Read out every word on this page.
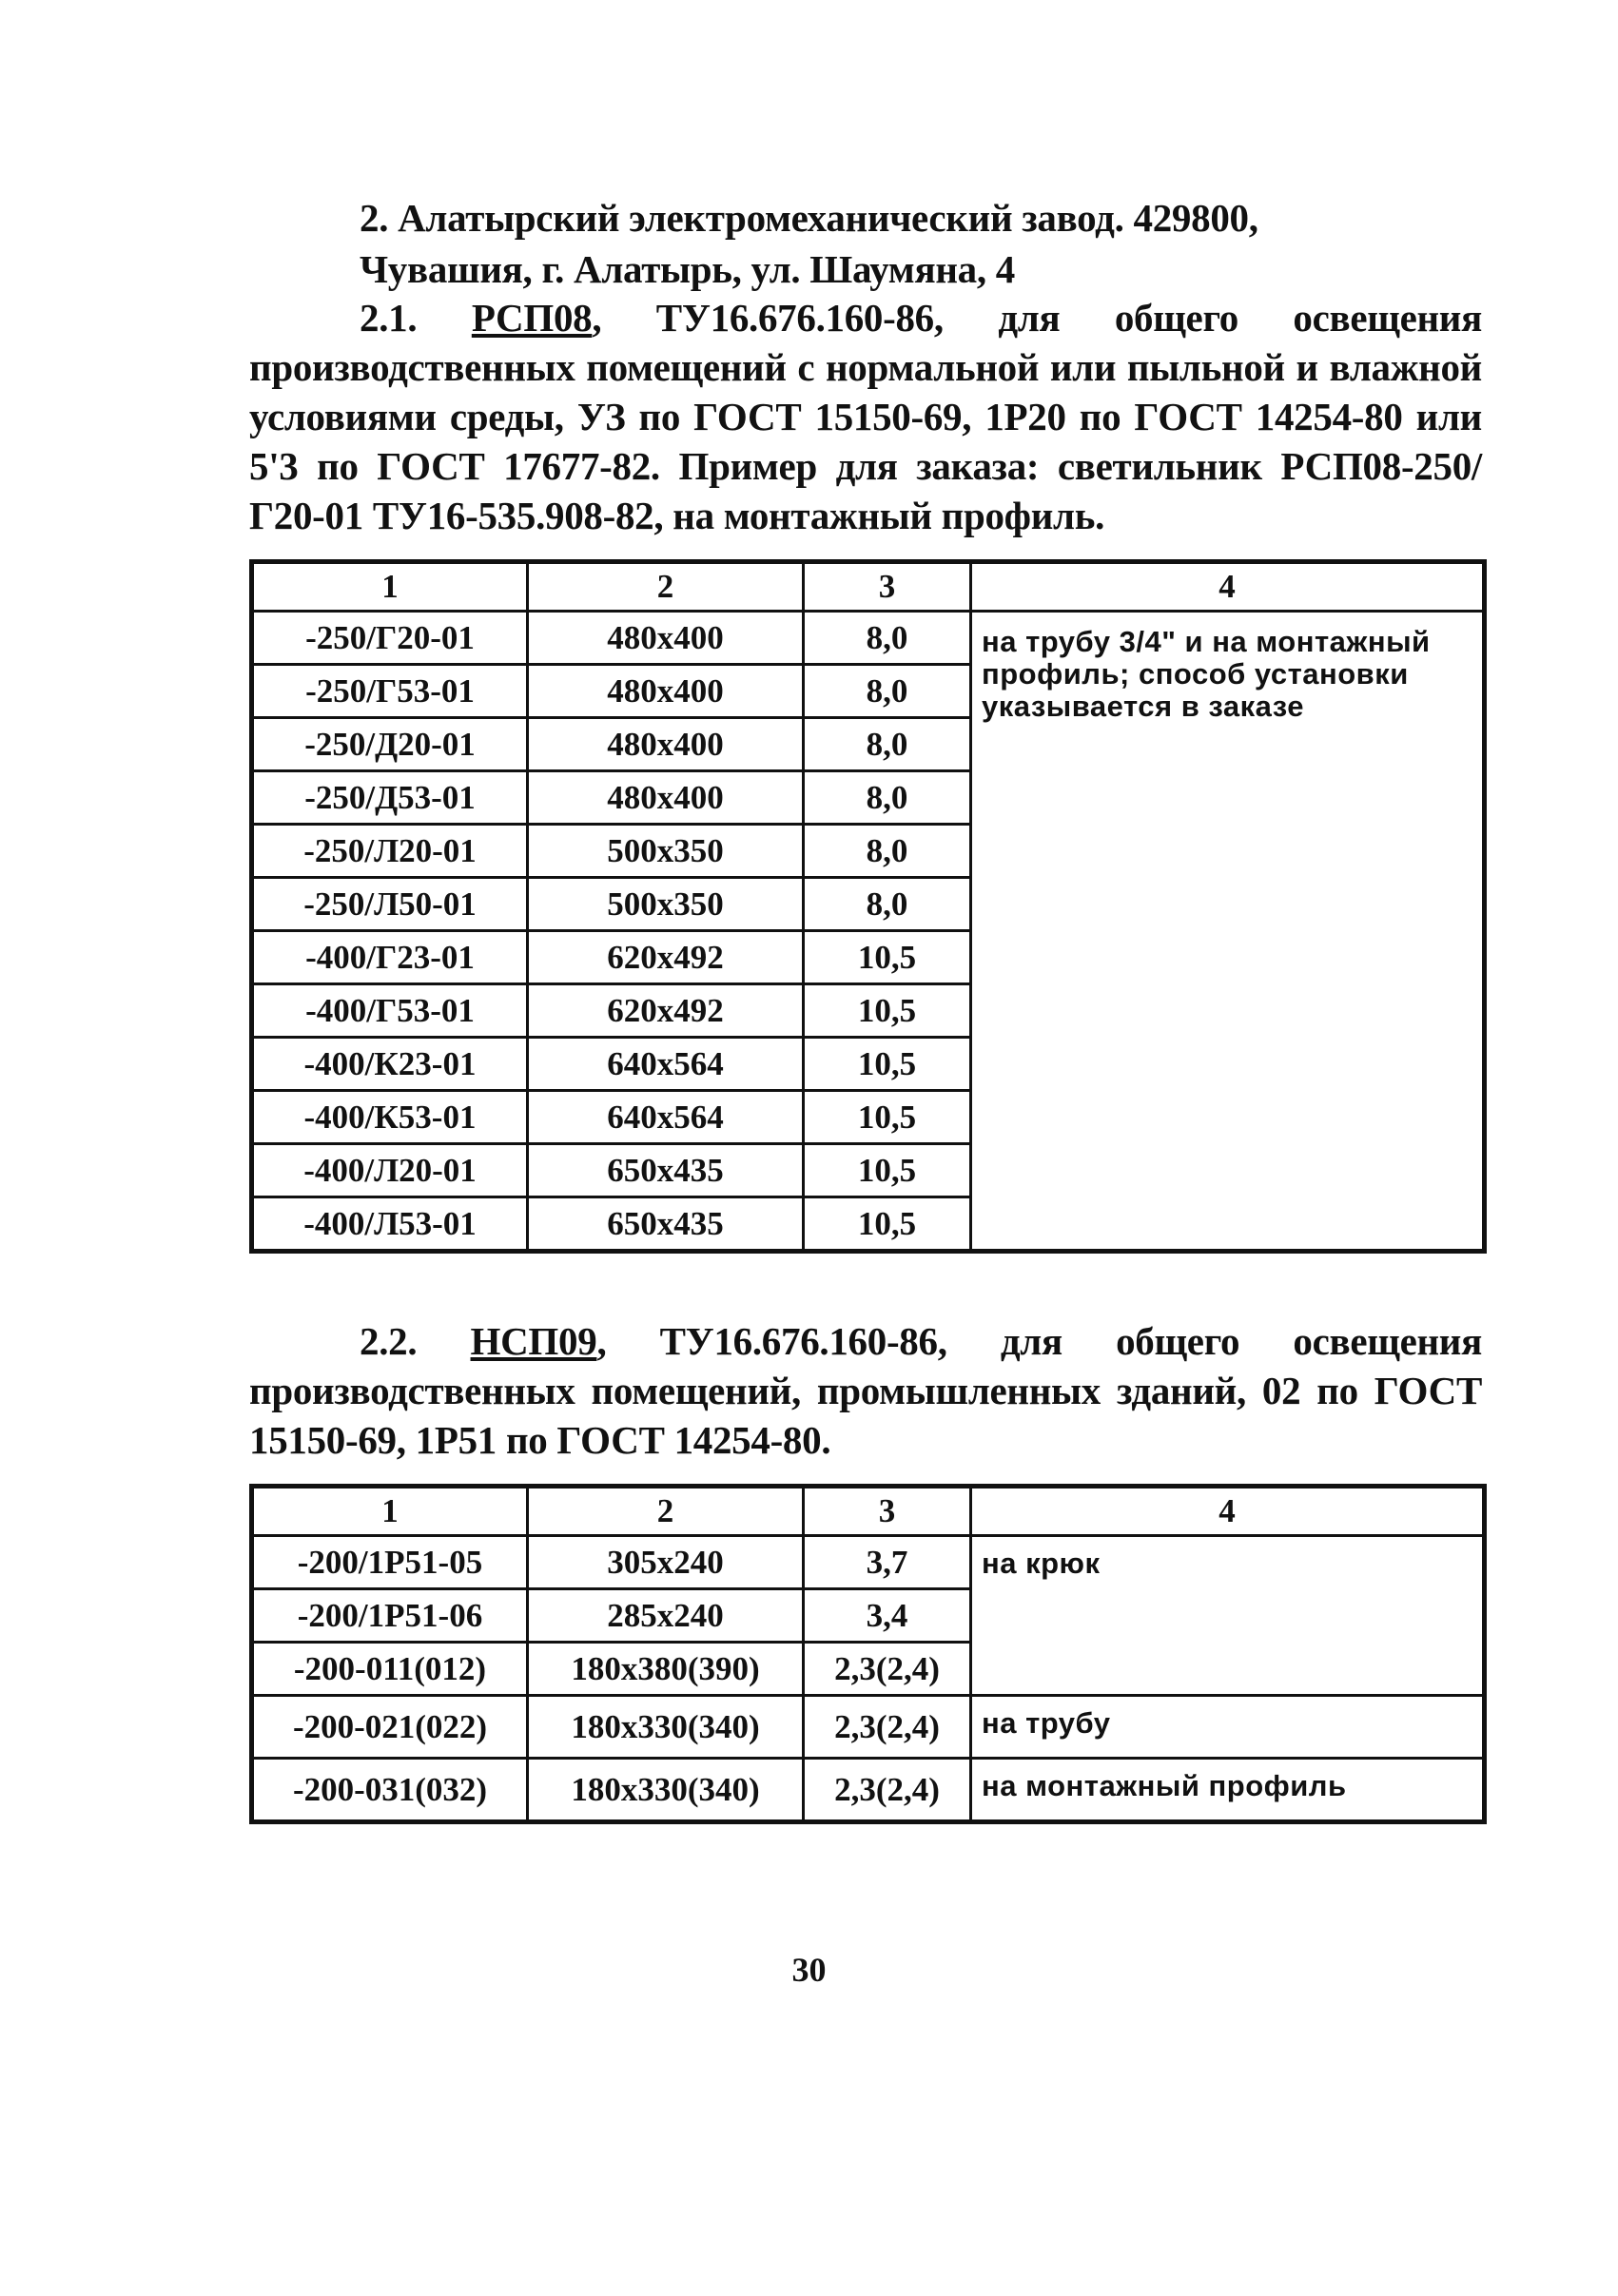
2. Алатырский электромеханический завод. 429800,
Чувашия, г. Алатырь, ул. Шаумяна, 4
2.1. РСП08, ТУ16.676.160-86, для общего освещения производственных помещений с нормальной или пыльной и влажной условиями среды, УЗ по ГОСТ 15150-69, 1Р20 по ГОСТ 14254-80 или 5'3 по ГОСТ 17677-82. Пример для заказа: светильник РСП08-250/Г20-01 ТУ16-535.908-82, на монтажный профиль.
1	2	3	4
-250/Г20-01	480x400	8,0	на трубу 3/4" и на монтажный профиль; способ установки указывается в заказе
-250/Г53-01	480x400	8,0	
-250/Д20-01	480x400	8,0	
-250/Д53-01	480x400	8,0	
-250/Л20-01	500x350	8,0	
-250/Л50-01	500x350	8,0	
-400/Г23-01	620x492	10,5	
-400/Г53-01	620x492	10,5	
-400/К23-01	640x564	10,5	
-400/К53-01	640x564	10,5	
-400/Л20-01	650x435	10,5	
-400/Л53-01	650x435	10,5	
2.2. НСП09, ТУ16.676.160-86, для общего освещения производственных помещений, промышленных зданий, 02 по ГОСТ 15150-69, 1Р51 по ГОСТ 14254-80.
1	2	3	4
-200/1Р51-05	305x240	3,7	на крюк
-200/1Р51-06	285x240	3,4	
-200-011(012)	180x380(390)	2,3(2,4)	
-200-021(022)	180x330(340)	2,3(2,4)	на трубу
-200-031(032)	180x330(340)	2,3(2,4)	на монтажный профиль
30
